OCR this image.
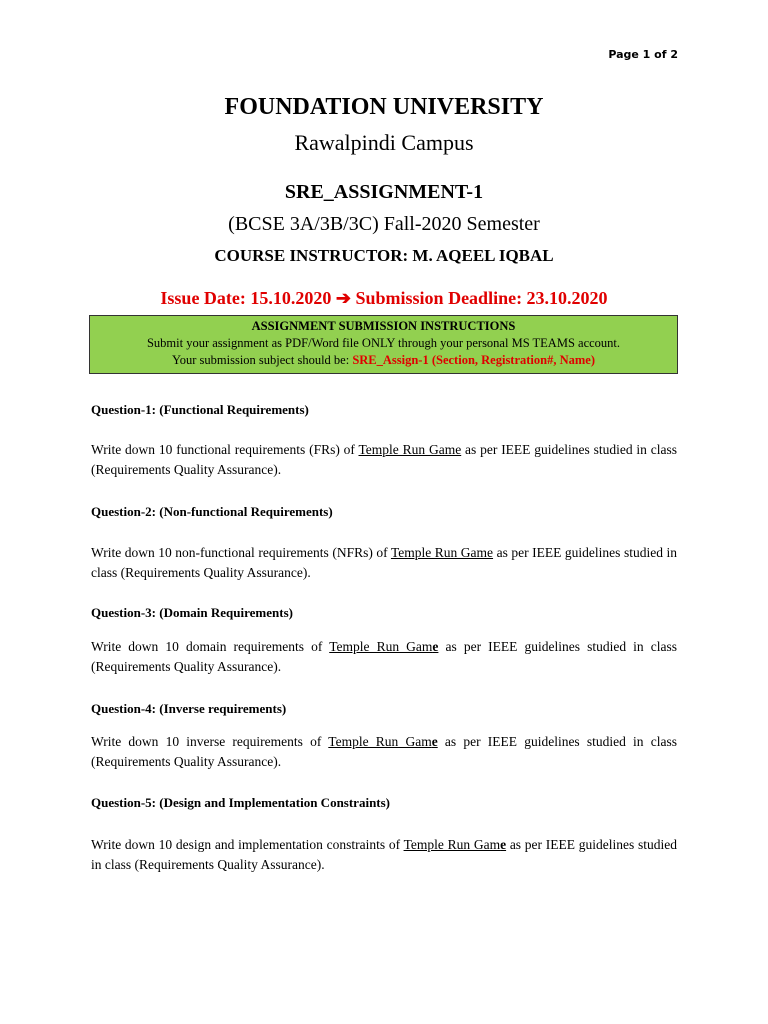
Page 1 of 2
FOUNDATION UNIVERSITY
Rawalpindi Campus
SRE_ASSIGNMENT-1
(BCSE 3A/3B/3C) Fall-2020 Semester
COURSE INSTRUCTOR: M. AQEEL IQBAL
Issue Date: 15.10.2020 ➔ Submission Deadline: 23.10.2020
ASSIGNMENT SUBMISSION INSTRUCTIONS
Submit your assignment as PDF/Word file ONLY through your personal MS TEAMS account.
Your submission subject should be: SRE_Assign-1 (Section, Registration#, Name)
Question-1: (Functional Requirements)
Write down 10 functional requirements (FRs) of Temple Run Game as per IEEE guidelines studied in class (Requirements Quality Assurance).
Question-2: (Non-functional Requirements)
Write down 10 non-functional requirements (NFRs) of Temple Run Game as per IEEE guidelines studied in class (Requirements Quality Assurance).
Question-3: (Domain Requirements)
Write down 10 domain requirements of Temple Run Game as per IEEE guidelines studied in class (Requirements Quality Assurance).
Question-4: (Inverse requirements)
Write down 10 inverse requirements of Temple Run Game as per IEEE guidelines studied in class (Requirements Quality Assurance).
Question-5: (Design and Implementation Constraints)
Write down 10 design and implementation constraints of Temple Run Game as per IEEE guidelines studied in class (Requirements Quality Assurance).
